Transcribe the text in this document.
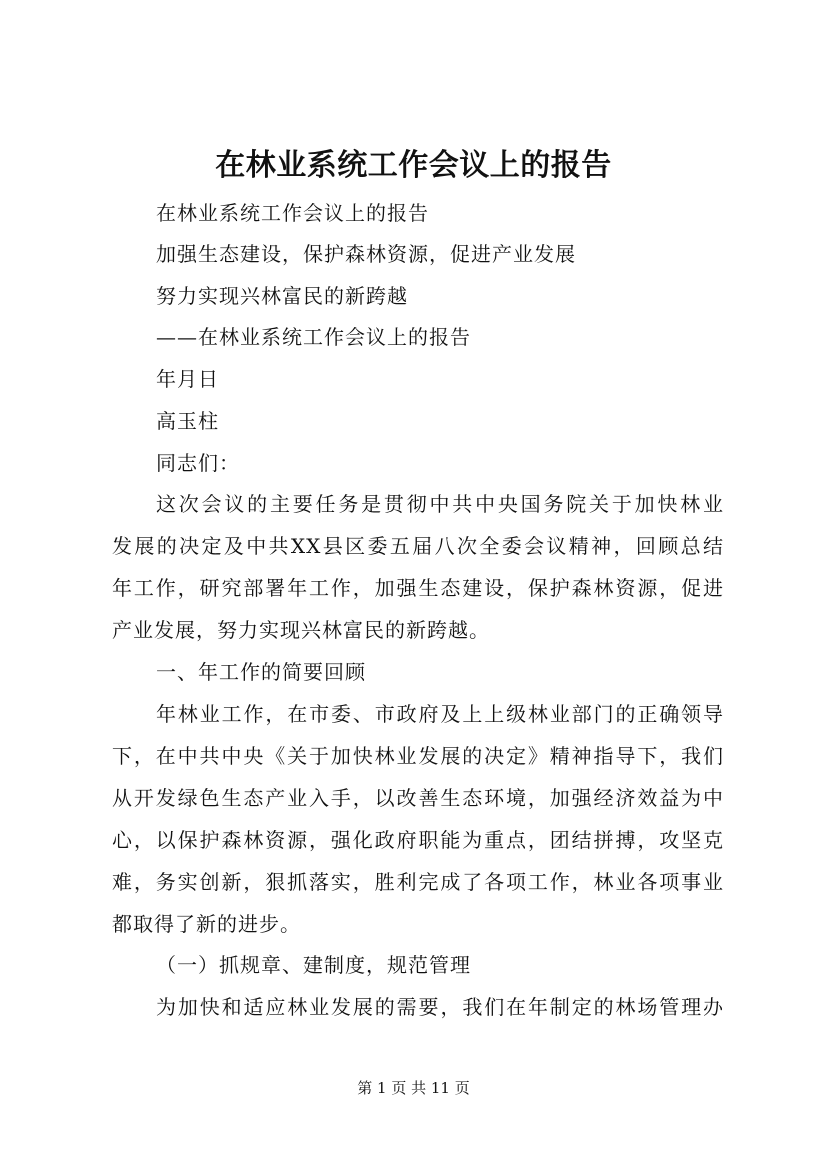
在林业系统工作会议上的报告
在林业系统工作会议上的报告
加强生态建设，保护森林资源，促进产业发展
努力实现兴林富民的新跨越
——在林业系统工作会议上的报告
年月日
高玉柱
同志们：
这次会议的主要任务是贯彻中共中央国务院关于加快林业
发展的决定及中共XX县区委五届八次全委会议精神，回顾总结
年工作，研究部署年工作，加强生态建设，保护森林资源，促进
产业发展，努力实现兴林富民的新跨越。
一、年工作的简要回顾
年林业工作，在市委、市政府及上上级林业部门的正确领导
下，在中共中央《关于加快林业发展的决定》精神指导下，我们
从开发绿色生态产业入手，以改善生态环境，加强经济效益为中
心，以保护森林资源，强化政府职能为重点，团结拼搏，攻坚克
难，务实创新，狠抓落实，胜利完成了各项工作，林业各项事业
都取得了新的进步。
（一）抓规章、建制度，规范管理
为加快和适应林业发展的需要，我们在年制定的林场管理办
第 1 页 共 11 页
